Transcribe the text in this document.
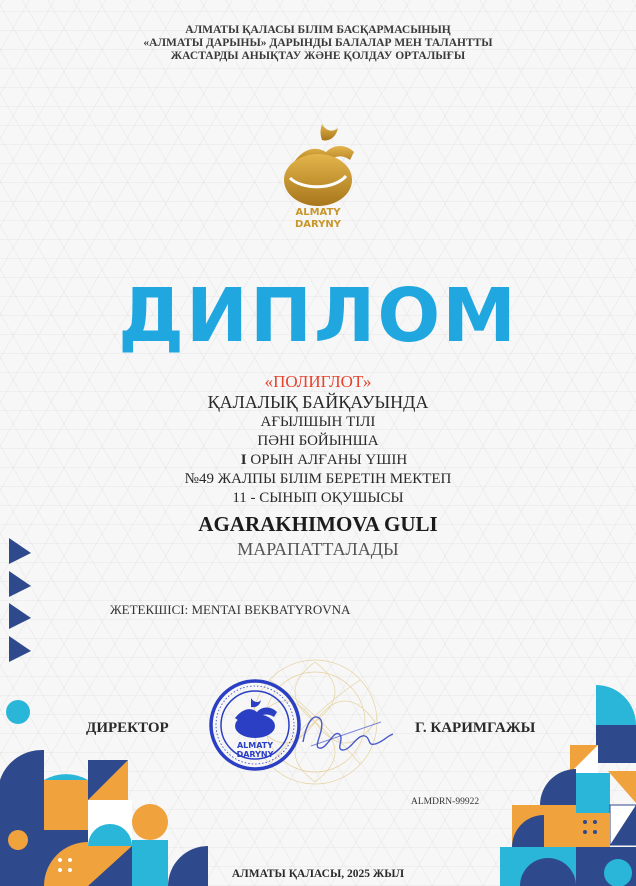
АЛМАТЫ ҚАЛАСЫ БІЛІМ БАСҚАРМАСЫНЫҢ
«АЛМАТЫ ДАРЫНЫ» ДАРЫНДЫ БАЛАЛАР МЕН ТАЛАНТТЫ
ЖАСТАРДЫ АНЫҚТАУ ЖӘНЕ ҚОЛДАУ ОРТАЛЫҒЫ
ALMATY
DARYNY
ДИПЛОМ
«ПОЛИГЛОТ»
ҚАЛАЛЫҚ БАЙҚАУЫНДА
АҒЫЛШЫН ТІЛІ
ПӘНІ БОЙЫНША
I ОРЫН АЛҒАНЫ ҮШІН
№49 ЖАЛПЫ БІЛІМ БЕРЕТІН МЕКТЕП
11 - СЫНЫП ОҚУШЫСЫ
AGARAKHIMOVA GULI
МАРАПАТТАЛАДЫ
ЖЕТЕКШІСІ: MENTAI BEKBATYROVNA
ALMATY
DARYNY
ДИРЕКТОР	Г. КАРИМГАЖЫ
ALMDRN-99922
АЛМАТЫ ҚАЛАСЫ, 2025 ЖЫЛ
